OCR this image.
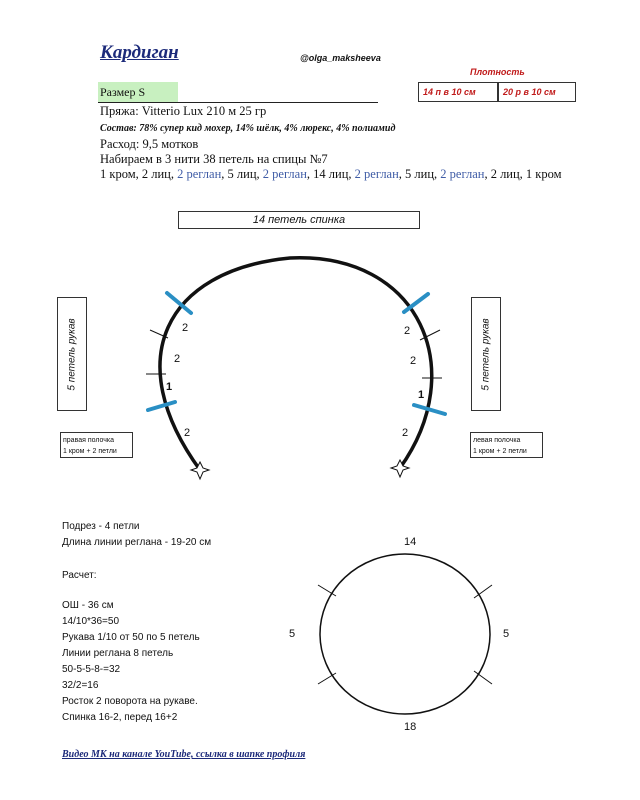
Кардиган	@olga_maksheeva
Плотность
14 п в 10 см	20 р в 10 см
Размер S
Пряжа: Vitterio Lux 210 м 25 гр
Состав: 78% супер кид мохер, 14% шёлк, 4% люрекс, 4% полиамид
Расход: 9,5 мотков
Набираем в 3 нити 38 петель на спицы №7
1 кром, 2 лиц, 2 реглан, 5 лиц, 2 реглан, 14 лиц, 2 реглан, 5 лиц, 2 реглан, 2 лиц, 1 кром
14 петель спинка
5 петель рукав	5 петель рукав
правая полочка
1 кром + 2 петли
левая полочка
1 кром + 2 петли
2
2
1
2
2
2
1
2
14
5	5
18
Подрез - 4 петли
Длина линии реглана - 19-20 см
Расчет:
ОШ - 36 см
14/10*36=50
Рукава 1/10 от 50 по 5 петель
Линии реглана 8 петель
50-5-5-8-=32
32/2=16
Росток 2 поворота на рукаве.
Спинка 16-2, перед 16+2
Видео МК на канале YouTube, ссылка в шапке профиля
